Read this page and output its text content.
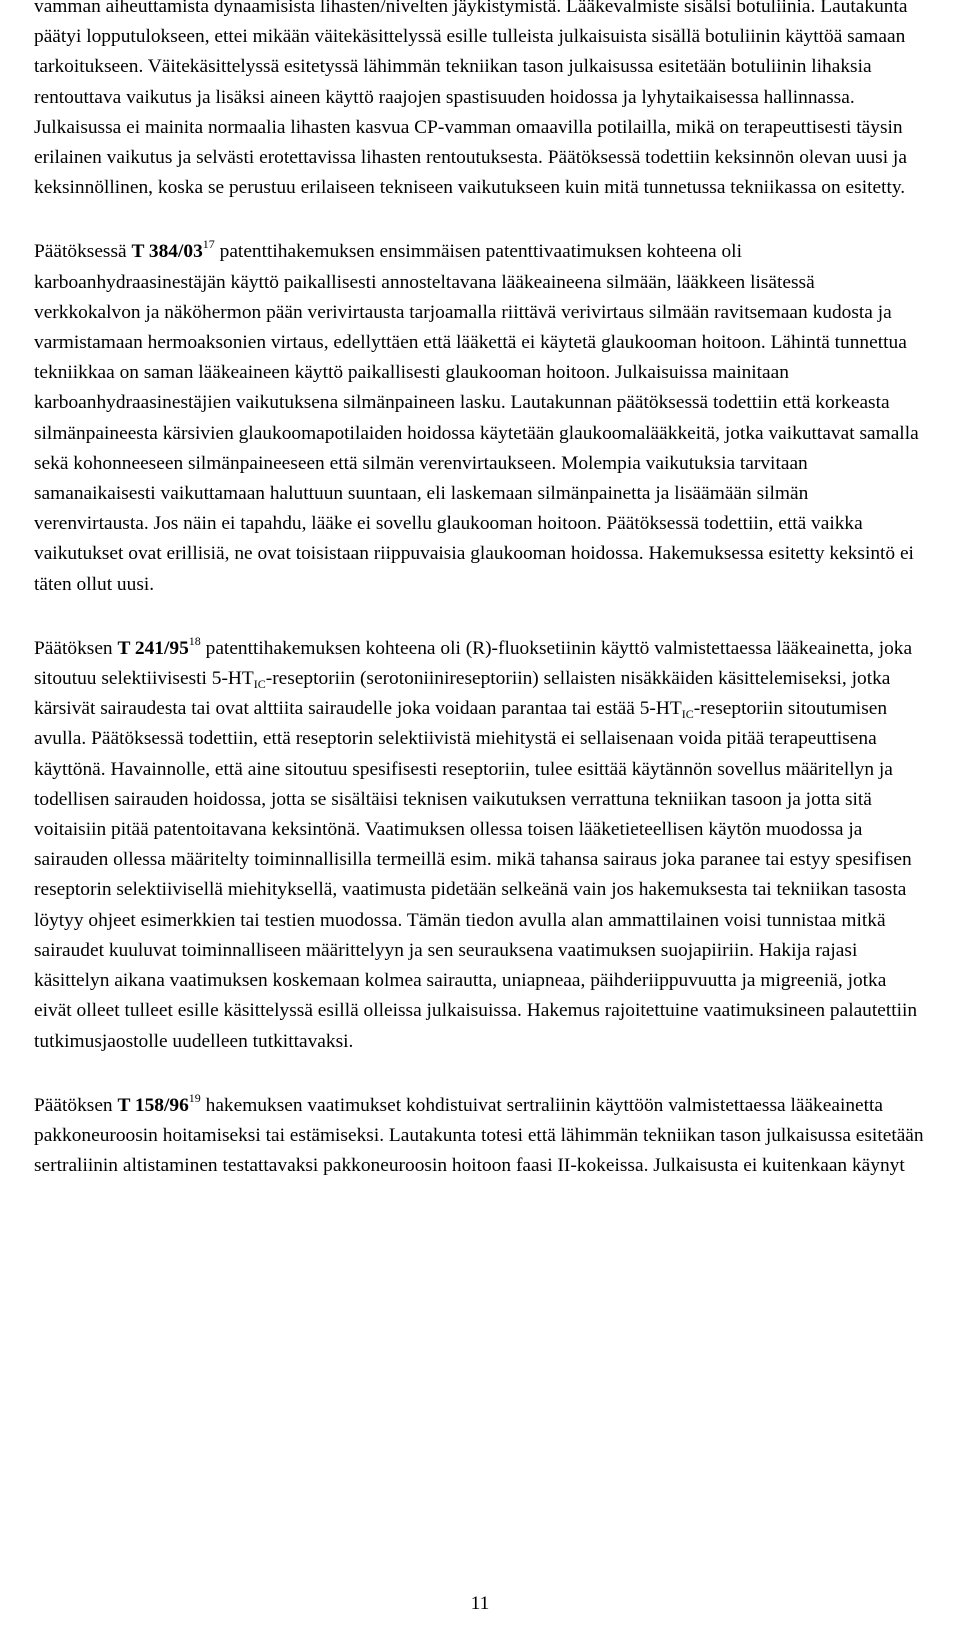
vamman aiheuttamista dynaamisista lihasten/nivelten jäykistymistä. Lääkevalmiste sisälsi botuliinia. Lautakunta päätyi lopputulokseen, ettei mikään väitekäsittelyssä esille tulleista julkaisuista sisällä botuliinin käyttöä samaan tarkoitukseen. Väitekäsittelyssä esitetyssä lähimmän tekniikan tason julkaisussa esitetään botuliinin lihaksia rentouttava vaikutus ja lisäksi aineen käyttö raajojen spastisuuden hoidossa ja lyhytaikaisessa hallinnassa. Julkaisussa ei mainita normaalia lihasten kasvua CP-vamman omaavilla potilailla, mikä on terapeuttisesti täysin erilainen vaikutus ja selvästi erotettavissa lihasten rentoutuksesta. Päätöksessä todettiin keksinnön olevan uusi ja keksinnöllinen, koska se perustuu erilaiseen tekniseen vaikutukseen kuin mitä tunnetussa tekniikassa on esitetty.

Päätöksessä T $384/03^{17}$ patenttihakemuksen ensimmäisen patenttivaatimuksen kohteena oli karboanhydraasinestäjän käyttö paikallisesti annosteltavana lääkeaineena silmään, lääkkeen lisätessä verkkokalvon ja näköhermon pään verivirtausta tarjoamalla riittävä verivirtaus silmään ravitsemaan kudosta ja varmistamaan hermoaksonien virtaus, edellyttäen että lääkettä ei käytetä glaukooman hoitoon. Lähintä tunnettua tekniikkaa on saman lääkeaineen käyttö paikallisesti glaukooman hoitoon. Julkaisuissa mainitaan karboanhydraasinestäjien vaikutuksena silmänpaineen lasku. Lautakunnan päätöksessä todettiin että korkeasta silmänpaineesta kärsivien glaukoomapotilaiden hoidossa käytetään glaukoomalääkkeitä, jotka vaikuttavat samalla sekä kohonneeseen silmänpaineeseen että silmän verenvirtaukseen. Molempia vaikutuksia tarvitaan samanaikaisesti vaikuttamaan haluttuun suuntaan, eli laskemaan silmänpainetta ja lisäämään silmän verenvirtausta. Jos näin ei tapahdu, lääke ei sovellu glaukooman hoitoon. Päätöksessä todettiin, että vaikka vaikutukset ovat erillisiä, ne ovat toisistaan riippuvaisia glaukooman hoidossa. Hakemuksessa esitetty keksintö ei täten ollut uusi.

Päätöksen T $241/95^{18}$ patenttihakemuksen kohteena oli (R)-fluoksetiinin käyttö valmistettaessa lääkeainetta, joka sitoutuu selektiivisesti $5-HT_{IC}$-reseptoriin (serotoniinireseptoriin) sellaisten nisäkkäiden käsittelemiseksi, jotka kärsivät sairaudesta tai ovat alttiita sairaudelle joka voidaan parantaa tai estää $5-HT_{IC}$-reseptoriin sitoutumisen avulla. Päätöksessä todettiin, että reseptorin selektiivistä miehitystä ei sellaisenaan voida pitää terapeuttisena käyttönä. Havainnolle, että aine sitoutuu spesifisesti reseptoriin, tulee esittää käytännön sovellus määritellyn ja todellisen sairauden hoidossa, jotta se sisältäisi teknisen vaikutuksen verrattuna tekniikan tasoon ja jotta sitä voitaisiin pitää patentoitavana keksintönä. Vaatimuksen ollessa toisen lääketieteellisen käytön muodossa ja sairauden ollessa määritelty toiminnallisilla termeillä esim. mikä tahansa sairaus joka paranee tai estyy spesifisen reseptorin selektiivisellä miehityksellä, vaatimusta pidetään selkeänä vain jos hakemuksesta tai tekniikan tasosta löytyy ohjeet esimerkkien tai testien muodossa. Tämän tiedon avulla alan ammattilainen voisi tunnistaa mitkä sairaudet kuuluvat toiminnalliseen määrittelyyn ja sen seurauksena vaatimuksen suojapiiriin. Hakija rajasi käsittelyn aikana vaatimuksen koskemaan kolmea sairautta, uniapneaa, päihderiippuvuutta ja migreeniä, jotka eivät olleet tulleet esille käsittelyssä esillä olleissa julkaisuissa. Hakemus rajoitettuine vaatimuksineen palautettiin tutkimusjaostolle uudelleen tutkittavaksi.

Päätöksen T $158/96^{19}$ hakemuksen vaatimukset kohdistuivat sertraliinin käyttöön valmistettaessa lääkeainetta pakkoneuroosin hoitamiseksi tai estämiseksi. Lautakunta totesi että lähimmän tekniikan tason julkaisussa esitetään sertraliinin altistaminen testattavaksi pakkoneuroosin hoitoon faasi II-kokeissa. Julkaisusta ei kuitenkaan käynyt

11
